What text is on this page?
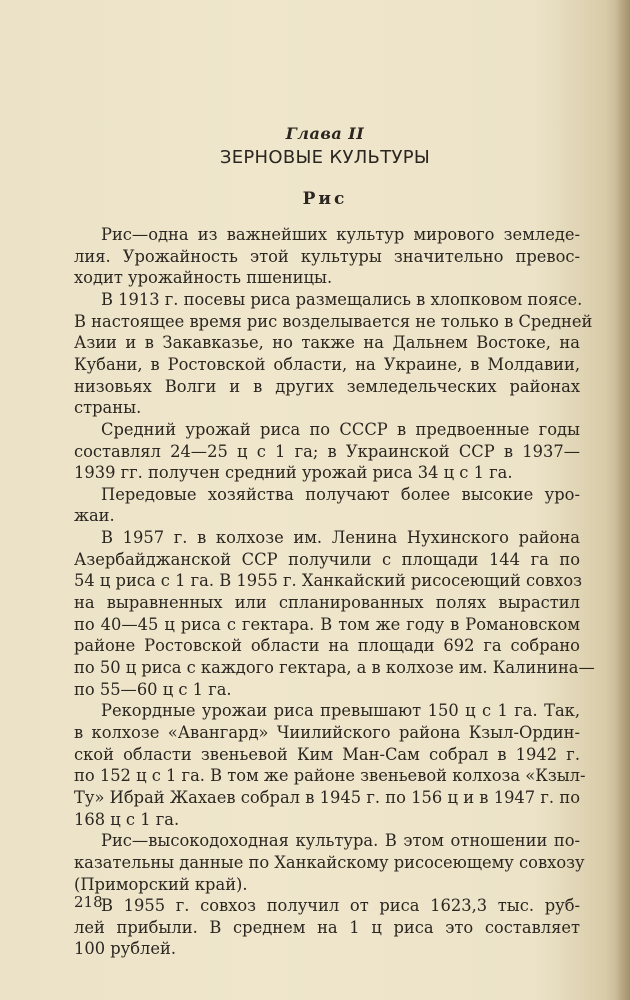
Глава II
ЗЕРНОВЫЕ КУЛЬТУРЫ
Рис
Рис—одна из важнейших культур мирового земледе-
лия. Урожайность этой культуры значительно превос-
ходит урожайность пшеницы.
В 1913 г. посевы риса размещались в хлопковом поясе.
В настоящее время рис возделывается не только в Средней
Азии и в Закавказье, но также на Дальнем Востоке, на
Кубани, в Ростовской области, на Украине, в Молдавии,
низовьях Волги и в других земледельческих районах
страны.
Средний урожай риса по СССР в предвоенные годы
составлял 24—25 ц с 1 га; в Украинской ССР в 1937—
1939 гг. получен средний урожай риса 34 ц с 1 га.
Передовые хозяйства получают более высокие уро-
жаи.
В 1957 г. в колхозе им. Ленина Нухинского района
Азербайджанской ССР получили с площади 144 га по
54 ц риса с 1 га. В 1955 г. Ханкайский рисосеющий совхоз
на выравненных или спланированных полях вырастил
по 40—45 ц риса с гектара. В том же году в Романовском
районе Ростовской области на площади 692 га собрано
по 50 ц риса с каждого гектара, а в колхозе им. Калинина—
по 55—60 ц с 1 га.
Рекордные урожаи риса превышают 150 ц с 1 га. Так,
в колхозе «Авангард» Чиилийского района Кзыл-Ордин-
ской области звеньевой Ким Ман-Сам собрал в 1942 г.
по 152 ц с 1 га. В том же районе звеньевой колхоза «Кзыл-
Ту» Ибрай Жахаев собрал в 1945 г. по 156 ц и в 1947 г. по
168 ц с 1 га.
Рис—высокодоходная культура. В этом отношении по-
казательны данные по Ханкайскому рисосеющему совхозу
(Приморский край).
В 1955 г. совхоз получил от риса 1623,3 тыс. руб-
лей прибыли. В среднем на 1 ц риса это составляет
100 рублей.
218
